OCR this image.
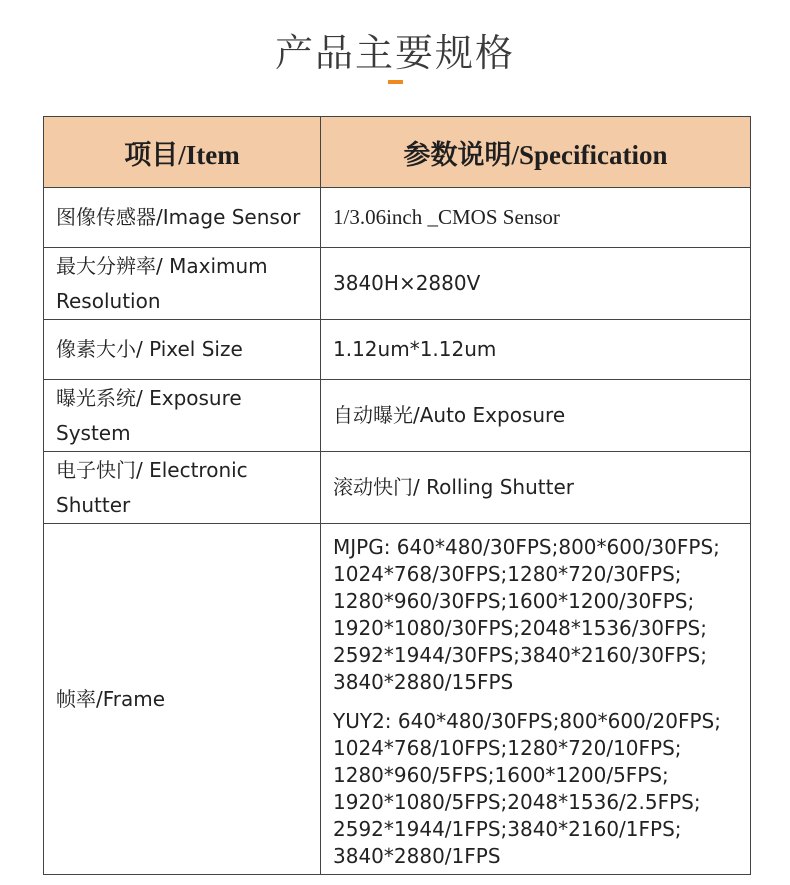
产品主要规格
项目/Item	参数说明/Specification
图像传感器/Image Sensor	1/3.06inch _CMOS Sensor
最大分辨率/ Maximum Resolution	3840H×2880V
像素大小/ Pixel Size	1.12um*1.12um
曝光系统/ Exposure System	自动曝光/Auto Exposure
电子快门/ Electronic Shutter	滚动快门/ Rolling Shutter
帧率/Frame	MJPG: 640*480/30FPS;800*600/30FPS; 1024*768/30FPS;1280*720/30FPS; 1280*960/30FPS;1600*1200/30FPS; 1920*1080/30FPS;2048*1536/30FPS; 2592*1944/30FPS;3840*2160/30FPS; 3840*2880/15FPS
YUY2: 640*480/30FPS;800*600/20FPS; 1024*768/10FPS;1280*720/10FPS; 1280*960/5FPS;1600*1200/5FPS; 1920*1080/5FPS;2048*1536/2.5FPS; 2592*1944/1FPS;3840*2160/1FPS; 3840*2880/1FPS
